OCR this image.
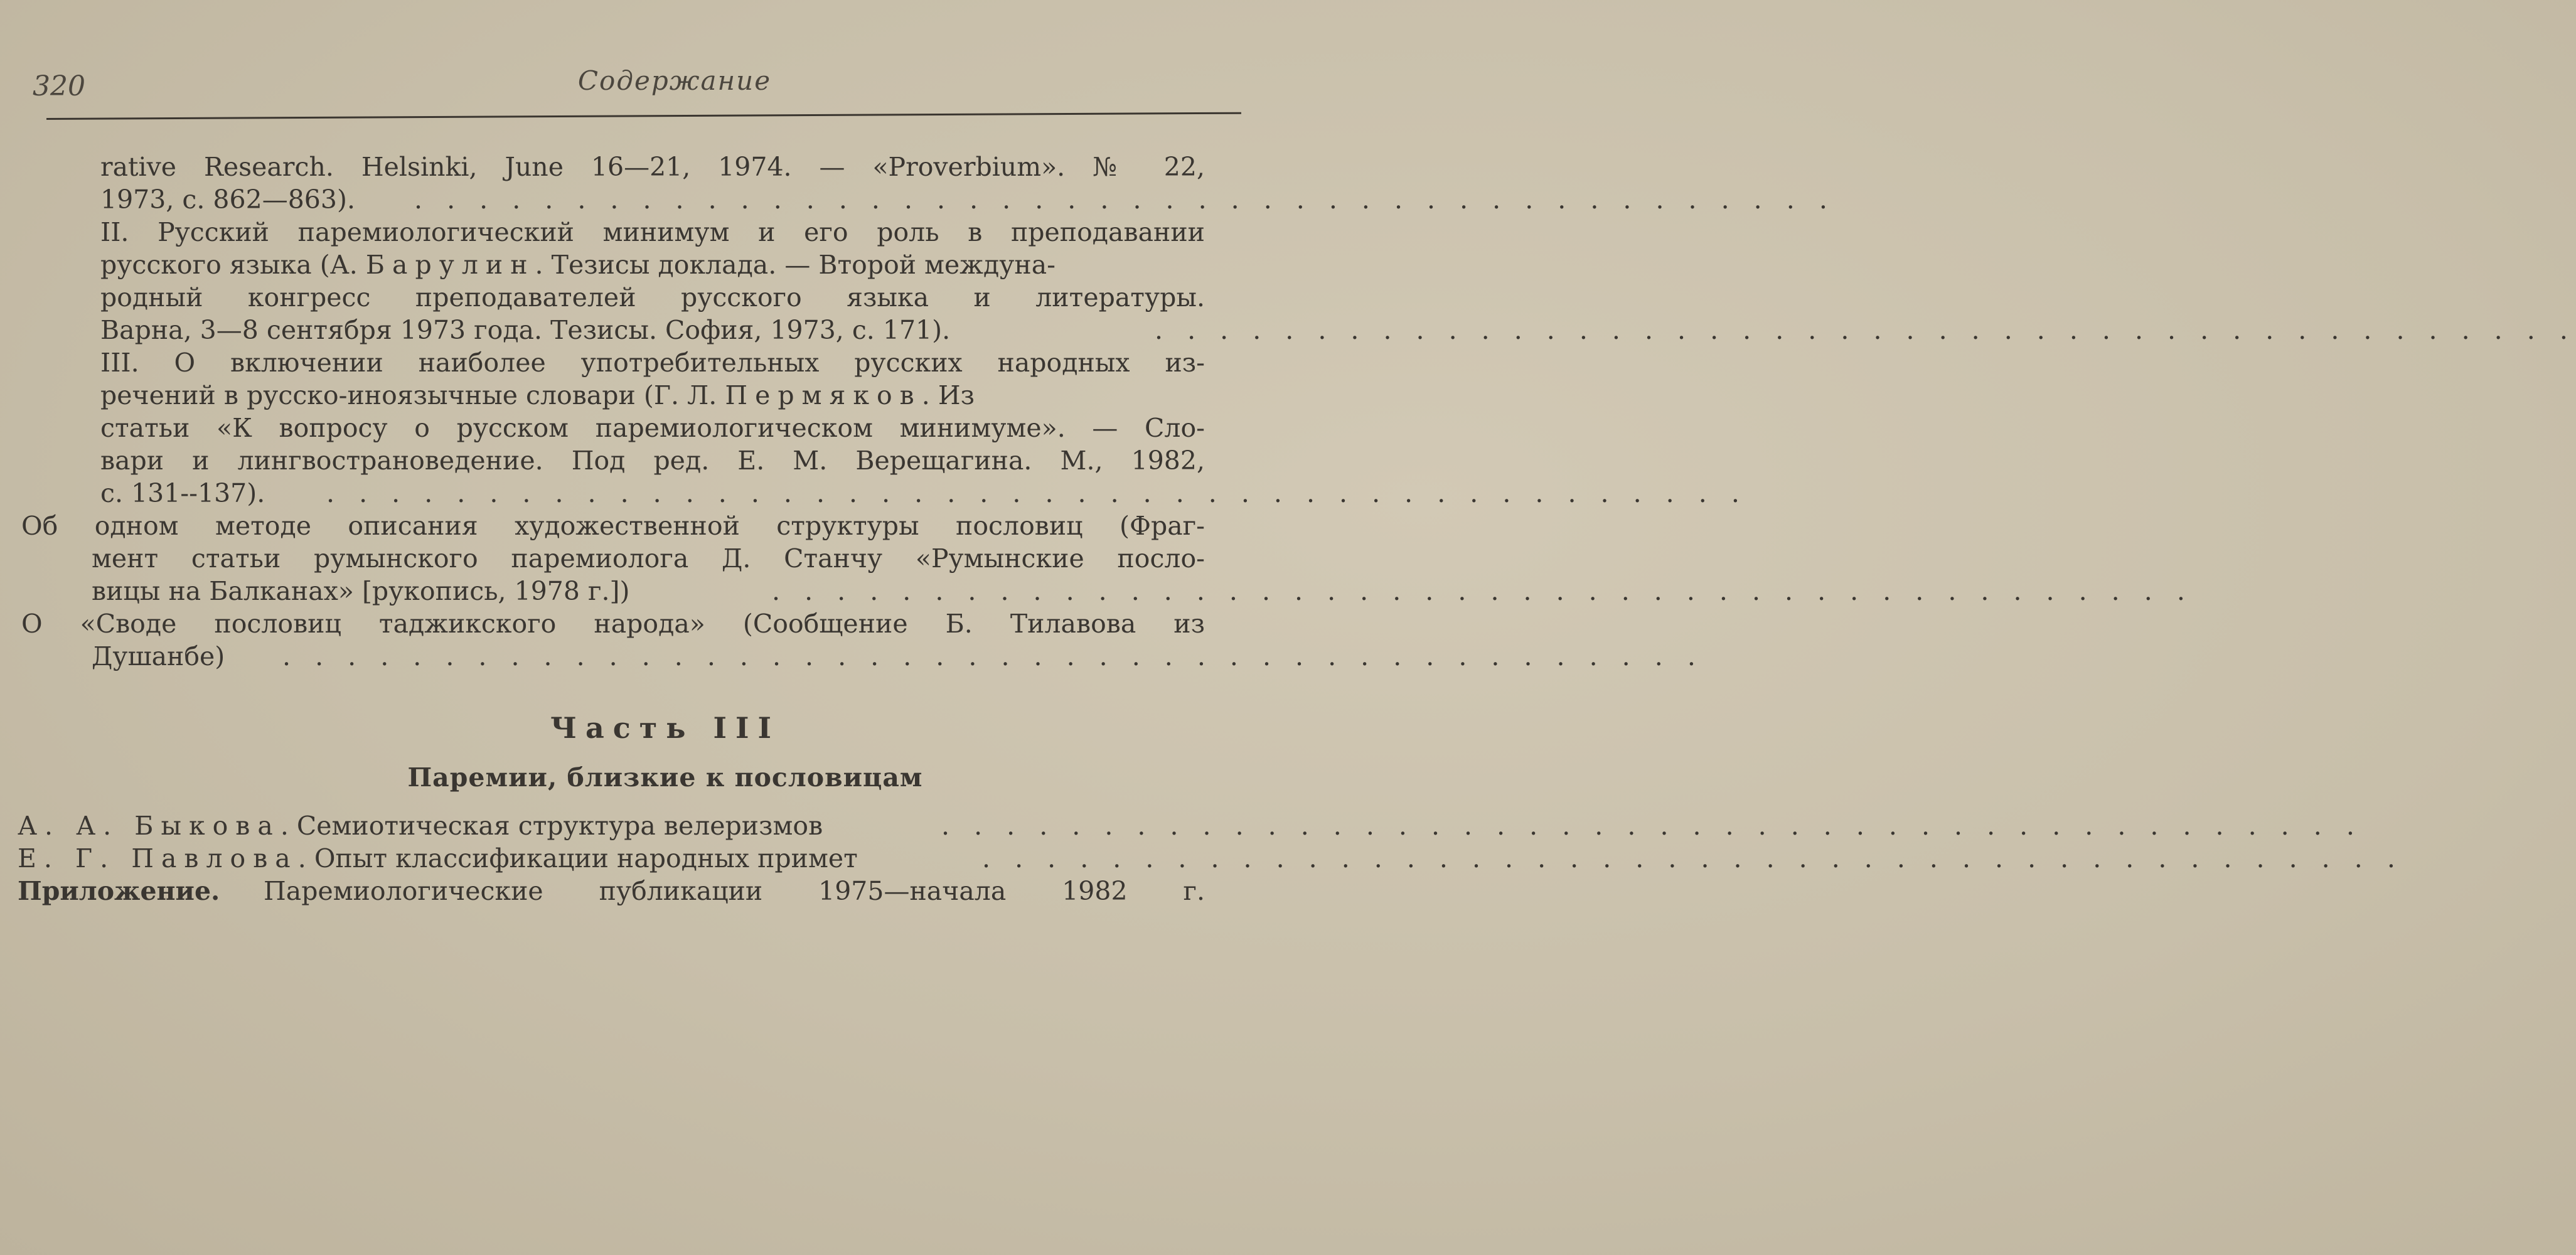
320	Содержание
rative Research. Helsinki, June 16—21, 1974. — «Proverbium». № 22,
1973, с. 862—863). . . . . . . . . . . . . . . . . . . . . . . . . . . . . . . . . . . . . . . . . . . . .
II. Русский паремиологический минимум и его роль в преподавании
русского языка (А. Барулин. Тезисы доклада. — Второй междуна-
родный конгресс преподавателей русского языка и литературы.
Варна, 3—8 сентября 1973 года. Тезисы. София, 1973, с. 171).	. . . . . . . . . . . . . . . . . . . . . . . . . . . . . . . . . . . . . . . . . . . .
III. О включении наиболее употребительных русских народных из-
речений в русско-иноязычные словари (Г. Л. Пермяков. Из
статьи «К вопросу о русском паремиологическом минимуме». — Сло-
вари и лингвострановедение. Под ред. Е. М. Верещагина. М., 1982,
с. 131--137). . . . . . . . . . . . . . . . . . . . . . . . . . . . . . . . . . . . . . . . . . . . .
Об одном методе описания художественной структуры пословиц (Фраг-
мент статьи румынского паремиолога Д. Станчу «Румынские посло-
вицы на Балканах» [рукопись, 1978 г.])	. . . . . . . . . . . . . . . . . . . . . . . . . . . . . . . . . . . . . . . . . . . .
О «Своде пословиц таджикского народа» (Сообщение Б. Тилавова из
Душанбе) . . . . . . . . . . . . . . . . . . . . . . . . . . . . . . . . . . . . . . . . . . . .
Часть III
Паремии, близкие к пословицам
А. А. Быкова. Семиотическая структура велеризмов	. . . . . . . . . . . . . . . . . . . . . . . . . . . . . . . . . . . . . . . . . . . .
Е. Г. Павлова. Опыт классификации народных примет	. . . . . . . . . . . . . . . . . . . . . . . . . . . . . . . . . . . . . . . . . . . .
Приложение. Паремиологические публикации 1975—начала 1982 г.
